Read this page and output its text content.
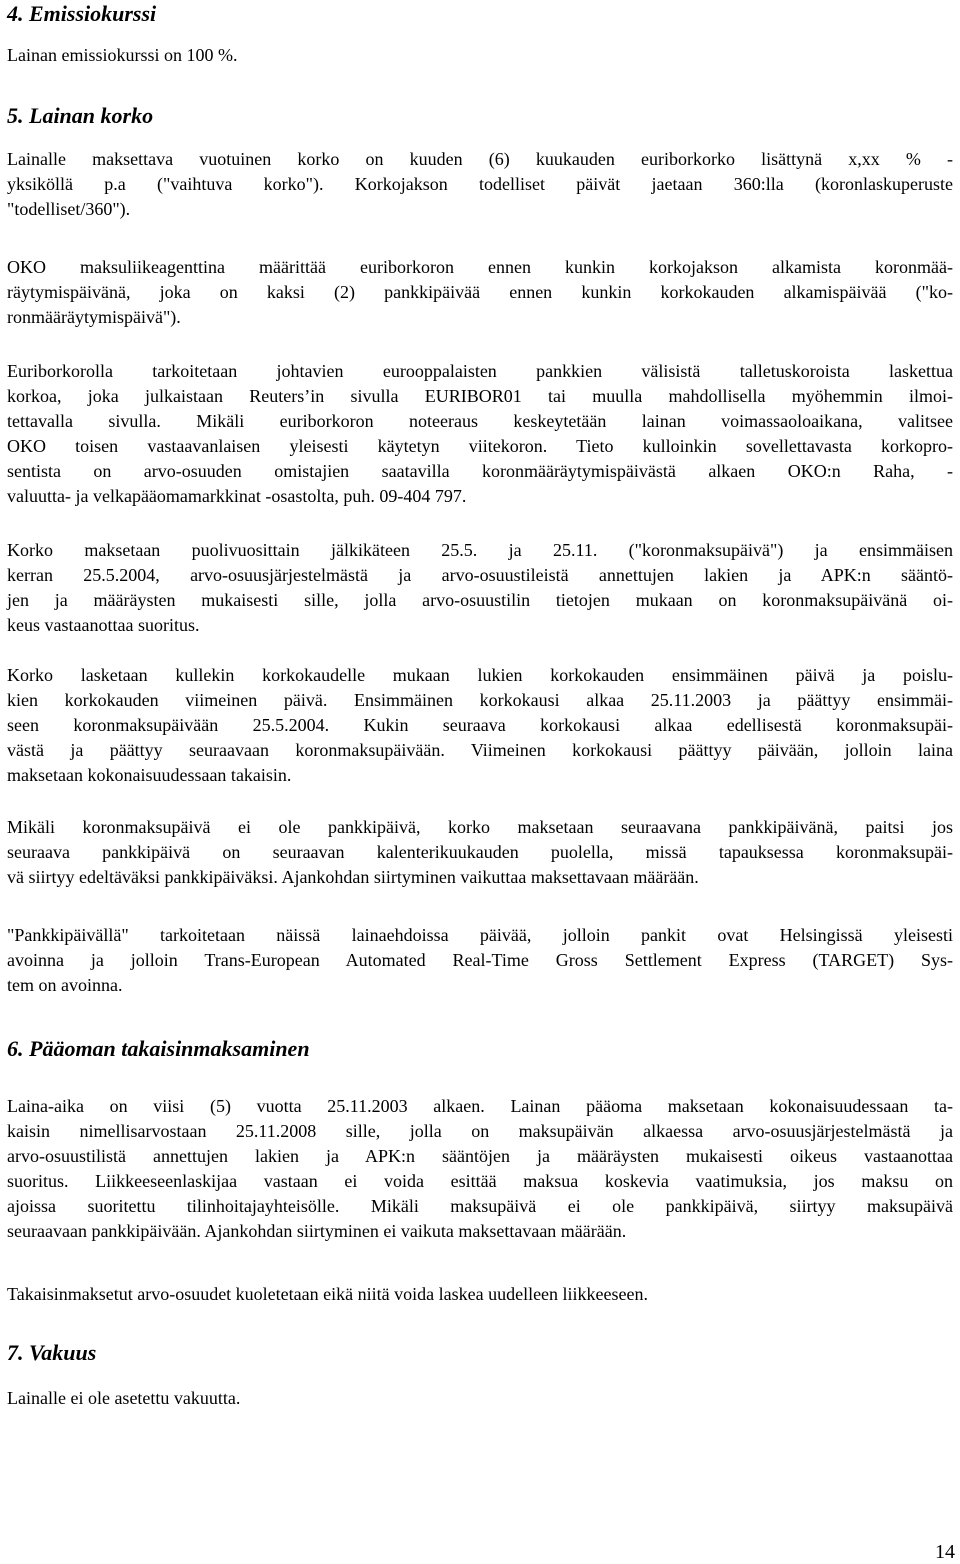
4. Emissiokurssi
Lainan emissiokurssi on 100 %.
5. Lainan korko
Lainalle maksettava vuotuinen korko on kuuden (6) kuukauden euriborkorko lisättynä x,xx % -
yksiköllä p.a ("vaihtuva korko"). Korkojakson todelliset päivät jaetaan 360:lla (koronlaskuperuste
"todelliset/360").
OKO maksuliikeagenttina määrittää euriborkoron ennen kunkin korkojakson alkamista koronmää-
räytymispäivänä, joka on kaksi (2) pankkipäivää ennen kunkin korkokauden alkamispäivää ("ko-
ronmääräytymispäivä").
Euriborkorolla tarkoitetaan johtavien eurooppalaisten pankkien välisistä talletuskoroista laskettua
korkoa, joka julkaistaan Reuters’in sivulla EURIBOR01 tai muulla mahdollisella myöhemmin ilmoi-
tettavalla sivulla. Mikäli euriborkoron noteeraus keskeytetään lainan voimassaoloaikana, valitsee
OKO toisen vastaavanlaisen yleisesti käytetyn viitekoron. Tieto kulloinkin sovellettavasta korkopro-
sentista on arvo-osuuden omistajien saatavilla koronmääräytymispäivästä alkaen OKO:n Raha, -
valuutta- ja velkapääomamarkkinat -osastolta, puh. 09-404 797.
Korko maksetaan puolivuosittain jälkikäteen 25.5. ja 25.11. ("koronmaksupäivä") ja ensimmäisen
kerran 25.5.2004, arvo-osuusjärjestelmästä ja arvo-osuustileistä annettujen lakien ja APK:n sääntö-
jen ja määräysten mukaisesti sille, jolla arvo-osuustilin tietojen mukaan on koronmaksupäivänä oi-
keus vastaanottaa suoritus.
Korko lasketaan kullekin korkokaudelle mukaan lukien korkokauden ensimmäinen päivä ja poislu-
kien korkokauden viimeinen päivä. Ensimmäinen korkokausi alkaa 25.11.2003 ja päättyy ensimmäi-
seen koronmaksupäivään 25.5.2004. Kukin seuraava korkokausi alkaa edellisestä koronmaksupäi-
västä ja päättyy seuraavaan koronmaksupäivään. Viimeinen korkokausi päättyy päivään, jolloin laina
maksetaan kokonaisuudessaan takaisin.
Mikäli koronmaksupäivä ei ole pankkipäivä, korko maksetaan seuraavana pankkipäivänä, paitsi jos
seuraava pankkipäivä on seuraavan kalenterikuukauden puolella, missä tapauksessa koronmaksupäi-
vä siirtyy edeltäväksi pankkipäiväksi. Ajankohdan siirtyminen vaikuttaa maksettavaan määrään.
"Pankkipäivällä" tarkoitetaan näissä lainaehdoissa päivää, jolloin pankit ovat Helsingissä yleisesti
avoinna ja jolloin Trans-European Automated Real-Time Gross Settlement Express (TARGET) Sys-
tem on avoinna.
6. Pääoman takaisinmaksaminen
Laina-aika on viisi (5) vuotta 25.11.2003 alkaen. Lainan pääoma maksetaan kokonaisuudessaan ta-
kaisin nimellisarvostaan 25.11.2008 sille, jolla on maksupäivän alkaessa arvo-osuusjärjestelmästä ja
arvo-osuustilistä annettujen lakien ja APK:n sääntöjen ja määräysten mukaisesti oikeus vastaanottaa
suoritus. Liikkeeseenlaskijaa vastaan ei voida esittää maksua koskevia vaatimuksia, jos maksu on
ajoissa suoritettu tilinhoitajayhteisölle. Mikäli maksupäivä ei ole pankkipäivä, siirtyy maksupäivä
seuraavaan pankkipäivään. Ajankohdan siirtyminen ei vaikuta maksettavaan määrään.
Takaisinmaksetut arvo-osuudet kuoletetaan eikä niitä voida laskea uudelleen liikkeeseen.
7. Vakuus
Lainalle ei ole asetettu vakuutta.
14
